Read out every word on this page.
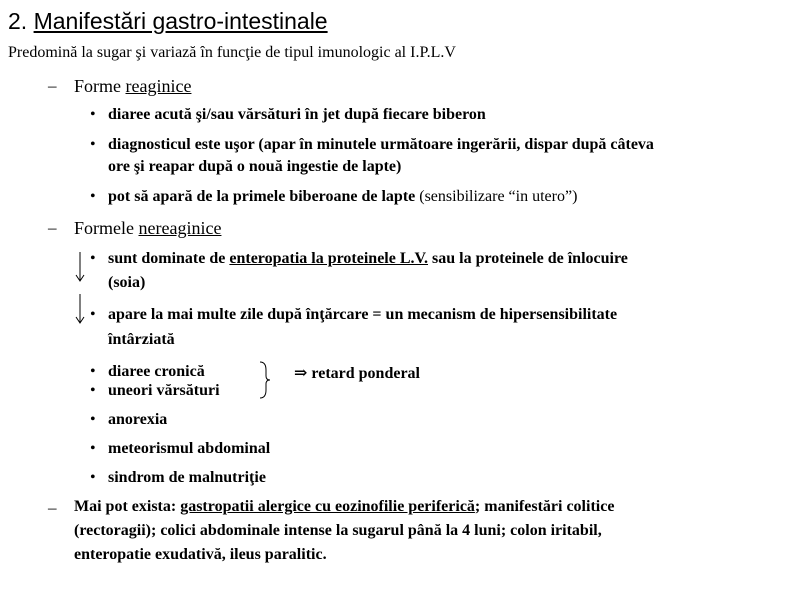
2. Manifestări gastro-intestinale
Predomină la sugar şi variază în funcţie de tipul imunologic al I.P.L.V
– Forme reaginice
• diaree acută şi/sau vărsături în jet după fiecare biberon
• diagnosticul este uşor (apar în minutele următoare ingerării, dispar după câteva
ore şi reapar după o nouă ingestie de lapte)
• pot să apară de la primele biberoane de lapte (sensibilizare “in utero”)
– Formele nereaginice
• sunt dominate de enteropatia la proteinele L.V. sau la proteinele de înlocuire
(soia)
• apare la mai multe zile după înţărcare = un mecanism de hipersensibilitate
întârziată
• diaree cronică
• uneori vărsături
⇒ retard ponderal
• anorexia
• meteorismul abdominal
• sindrom de malnutriţie
– Mai pot exista: gastropatii alergice cu eozinofilie periferică; manifestări colitice
(rectoragii); colici abdominale intense la sugarul până la 4 luni; colon iritabil,
enteropatie exudativă, ileus paralitic.
